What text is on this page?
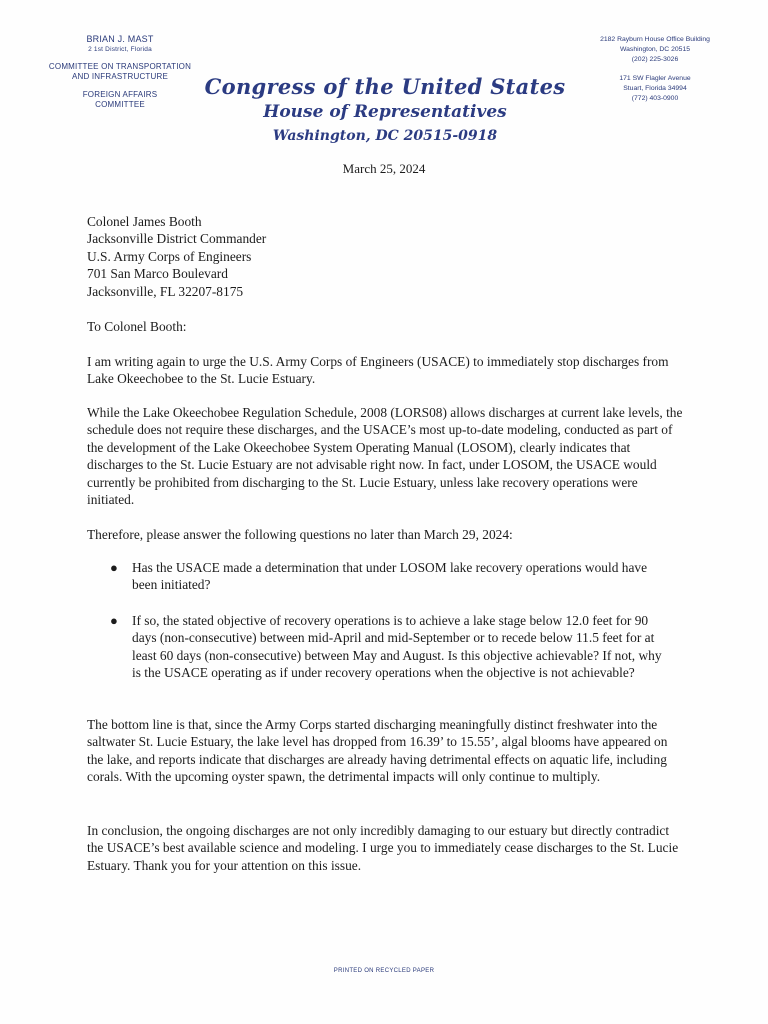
BRIAN J. MAST
2 1st District, Florida
COMMITTEE ON TRANSPORTATION
AND INFRASTRUCTURE
FOREIGN AFFAIRS
COMMITTEE
Congress of the United States
House of Representatives
Washington, DC 20515-0918
2182 Rayburn House Office Building
Washington, DC 20515
(202) 225-3026
171 SW Flagler Avenue
Stuart, Florida 34994
(772) 403-0900
March 25, 2024
Colonel James Booth
Jacksonville District Commander
U.S. Army Corps of Engineers
701 San Marco Boulevard
Jacksonville, FL 32207-8175

To Colonel Booth:

I am writing again to urge the U.S. Army Corps of Engineers (USACE) to immediately stop discharges from Lake Okeechobee to the St. Lucie Estuary.

While the Lake Okeechobee Regulation Schedule, 2008 (LORS08) allows discharges at current lake levels, the schedule does not require these discharges, and the USACE’s most up-to-date modeling, conducted as part of the development of the Lake Okeechobee System Operating Manual (LOSOM), clearly indicates that discharges to the St. Lucie Estuary are not advisable right now. In fact, under LOSOM, the USACE would currently be prohibited from discharging to the St. Lucie Estuary, unless lake recovery operations were initiated.

Therefore, please answer the following questions no later than March 29, 2024:

● Has the USACE made a determination that under LOSOM lake recovery operations would have been initiated?
● If so, the stated objective of recovery operations is to achieve a lake stage below 12.0 feet for 90 days (non-consecutive) between mid-April and mid-September or to recede below 11.5 feet for at least 60 days (non-consecutive) between May and August. Is this objective achievable? If not, why is the USACE operating as if under recovery operations when the objective is not achievable?

The bottom line is that, since the Army Corps started discharging meaningfully distinct freshwater into the saltwater St. Lucie Estuary, the lake level has dropped from 16.39’ to 15.55’, algal blooms have appeared on the lake, and reports indicate that discharges are already having detrimental effects on aquatic life, including corals. With the upcoming oyster spawn, the detrimental impacts will only continue to multiply.

In conclusion, the ongoing discharges are not only incredibly damaging to our estuary but directly contradict the USACE’s best available science and modeling. I urge you to immediately cease discharges to the St. Lucie Estuary. Thank you for your attention on this issue.

PRINTED ON RECYCLED PAPER
